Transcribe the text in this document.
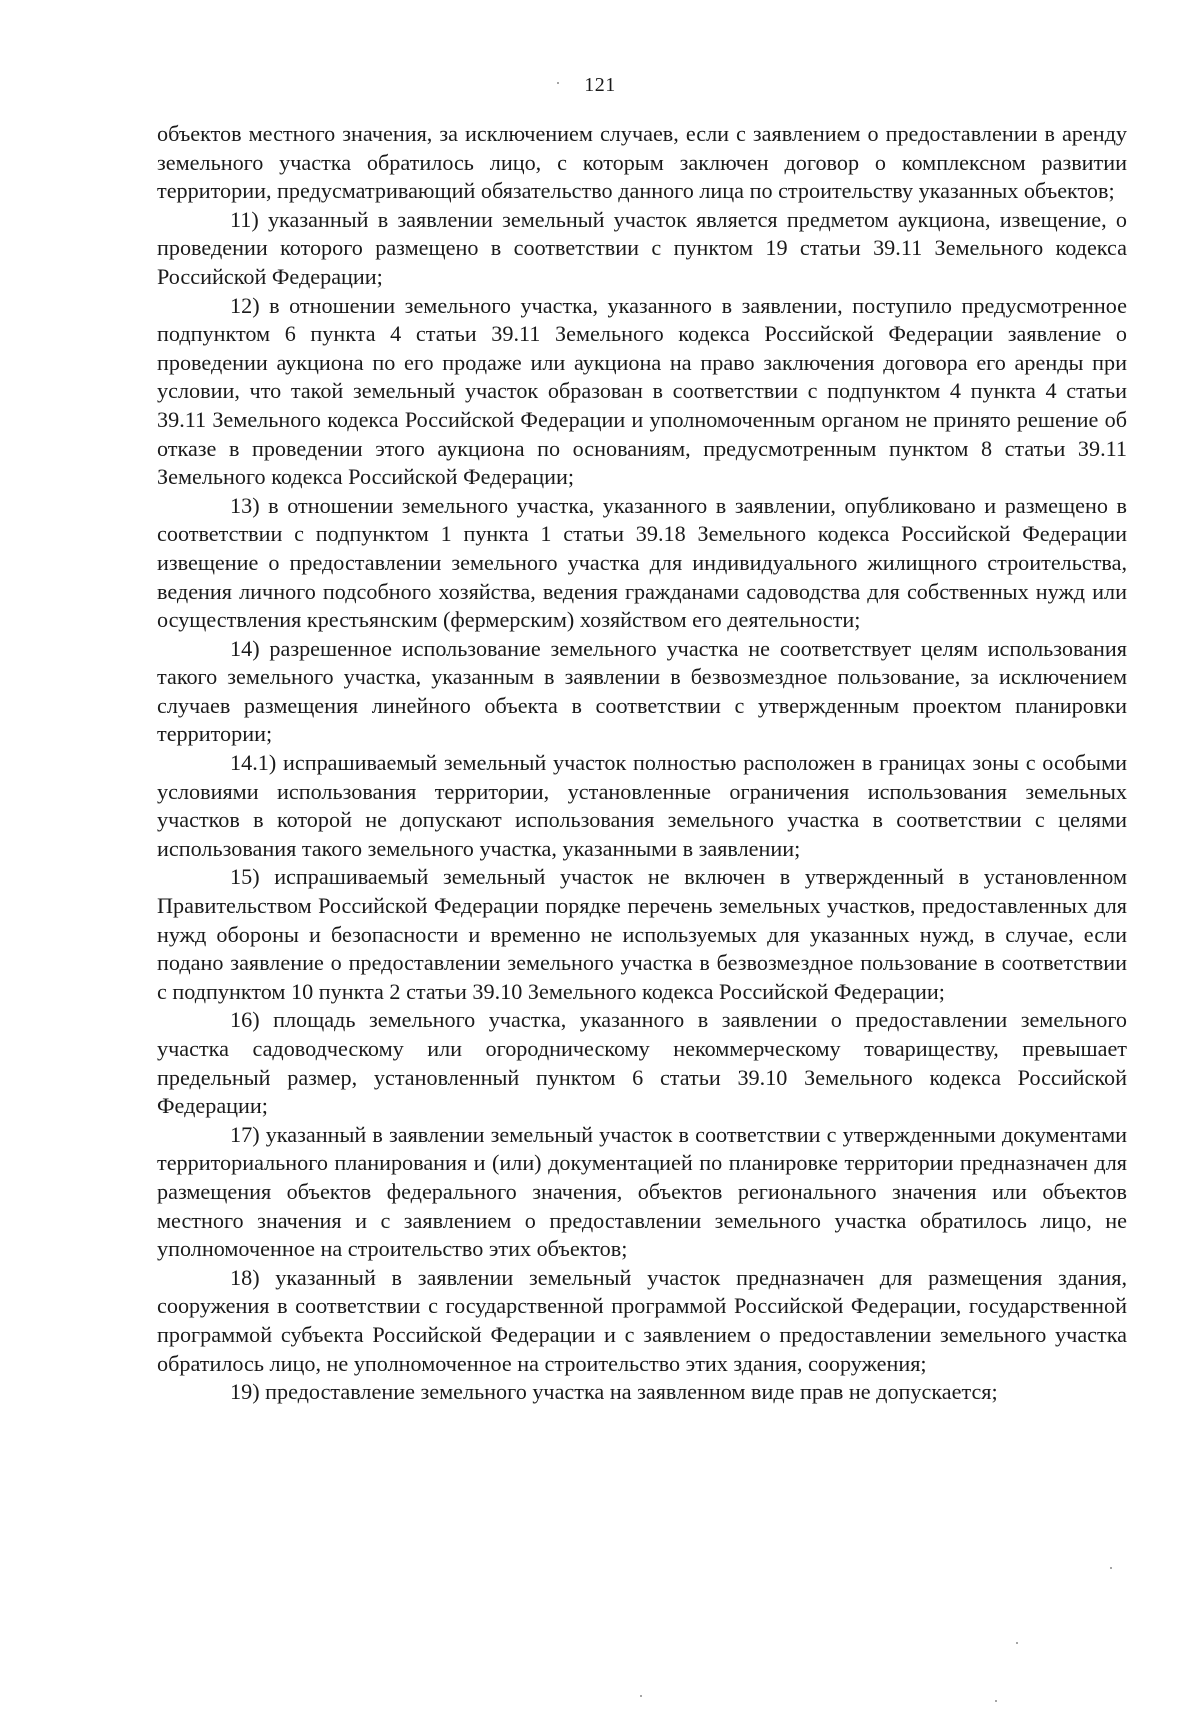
121

объектов местного значения, за исключением случаев, если с заявлением о предоставлении в аренду земельного участка обратилось лицо, с которым заключен договор о комплексном развитии территории, предусматривающий обязательство данного лица по строительству указанных объектов;

11) указанный в заявлении земельный участок является предметом аукциона, извещение, о проведении которого размещено в соответствии с пунктом 19 статьи 39.11 Земельного кодекса Российской Федерации;

12) в отношении земельного участка, указанного в заявлении, поступило предусмотренное подпунктом 6 пункта 4 статьи 39.11 Земельного кодекса Российской Федерации заявление о проведении аукциона по его продаже или аукциона на право заключения договора его аренды при условии, что такой земельный участок образован в соответствии с подпунктом 4 пункта 4 статьи 39.11 Земельного кодекса Российской Федерации и уполномоченным органом не принято решение об отказе в проведении этого аукциона по основаниям, предусмотренным пунктом 8 статьи 39.11 Земельного кодекса Российской Федерации;

13) в отношении земельного участка, указанного в заявлении, опубликовано и размещено в соответствии с подпунктом 1 пункта 1 статьи 39.18 Земельного кодекса Российской Федерации извещение о предоставлении земельного участка для индивидуального жилищного строительства, ведения личного подсобного хозяйства, ведения гражданами садоводства для собственных нужд или осуществления крестьянским (фермерским) хозяйством его деятельности;

14) разрешенное использование земельного участка не соответствует целям использования такого земельного участка, указанным в заявлении в безвозмездное пользование, за исключением случаев размещения линейного объекта в соответствии с утвержденным проектом планировки территории;

14.1) испрашиваемый земельный участок полностью расположен в границах зоны с особыми условиями использования территории, установленные ограничения использования земельных участков в которой не допускают использования земельного участка в соответствии с целями использования такого земельного участка, указанными в заявлении;

15) испрашиваемый земельный участок не включен в утвержденный в установленном Правительством Российской Федерации порядке перечень земельных участков, предоставленных для нужд обороны и безопасности и временно не используемых для указанных нужд, в случае, если подано заявление о предоставлении земельного участка в безвозмездное пользование в соответствии с подпунктом 10 пункта 2 статьи 39.10 Земельного кодекса Российской Федерации;

16) площадь земельного участка, указанного в заявлении о предоставлении земельного участка садоводческому или огородническому некоммерческому товариществу, превышает предельный размер, установленный пунктом 6 статьи 39.10 Земельного кодекса Российской Федерации;

17) указанный в заявлении земельный участок в соответствии с утвержденными документами территориального планирования и (или) документацией по планировке территории предназначен для размещения объектов федерального значения, объектов регионального значения или объектов местного значения и с заявлением о предоставлении земельного участка обратилось лицо, не уполномоченное на строительство этих объектов;

18) указанный в заявлении земельный участок предназначен для размещения здания, сооружения в соответствии с государственной программой Российской Федерации, государственной программой субъекта Российской Федерации и с заявлением о предоставлении земельного участка обратилось лицо, не уполномоченное на строительство этих здания, сооружения;

19) предоставление земельного участка на заявленном виде прав не допускается;
